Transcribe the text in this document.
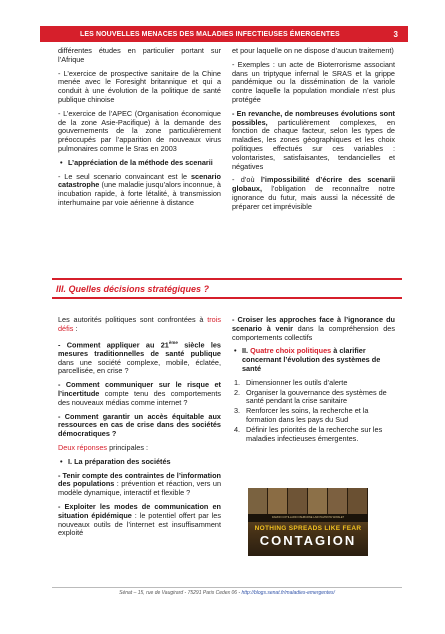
LES NOUVELLES MENACES DES MALADIES INFECTIEUSES ÉMERGENTES	3

différentes études en particulier portant sur l’Afrique

- L’exercice de prospective sanitaire de la Chine menée avec le Foresight britannique et qui a conduit à une évolution de la politique de santé publique chinoise

- L’exercice de l’APEC (Organisation économique de la zone Asie-Pacifique) à la demande des gouvernements de la zone particulièrement préoccupés par l’apparition de nouveaux virus pulmonaires comme le Sras en 2003

• L’appréciation de la méthode des scenarii

- Le seul scenario convaincant est le scenario catastrophe (une maladie jusqu’alors inconnue, à incubation rapide, à forte létalité, à transmission interhumaine par voie aérienne à distance

et pour laquelle on ne dispose d’aucun traitement)

- Exemples : un acte de Bioterrorisme associant dans un triptyque infernal le SRAS et la grippe pandémique ou la dissémination de la variole contre laquelle la population mondiale n’est plus protégée

- En revanche, de nombreuses évolutions sont possibles, particulièrement complexes, en fonction de chaque facteur, selon les types de maladies, les zones géographiques et les choix politiques effectués sur ces variables : volontaristes, satisfaisantes, tendancielles et négatives

- d’où l’impossibilité d’écrire des scenarii globaux, l’obligation de reconnaître notre ignorance du futur, mais aussi la nécessité de préparer cet imprévisible

III. Quelles décisions stratégiques ?

Les autorités politiques sont confrontées à trois défis :

- Comment appliquer au 21ème siècle les mesures traditionnelles de santé publique dans une société complexe, mobile, éclatée, parcellisée, en crise ?

- Comment communiquer sur le risque et l’incertitude compte tenu des comportements des nouveaux médias comme internet ?

- Comment garantir un accès équitable aux ressources en cas de crise dans des sociétés démocratiques ?

Deux réponses principales :

• I. La préparation des sociétés

- Tenir compte des contraintes de l’information des populations : prévention et réaction, vers un modèle dynamique, interactif et flexible ?

- Exploiter les modes de communication en situation épidémique : le potentiel offert par les nouveaux outils de l’internet est insuffisamment exploité

- Croiser les approches face à l’ignorance du scenario à venir dans la compréhension des comportements collectifs

• II. Quatre choix politiques à clarifier concernant l’évolution des systèmes de santé

1. Dimensionner les outils d’alerte
2. Organiser la gouvernance des systèmes de santé pendant la crise sanitaire
3. Renforcer les soins, la recherche et la formation dans les pays du Sud
4. Définir les priorités de la recherche sur les maladies infectieuses émergentes.
DAMON COTILLARD FISHBURNE LAW PALTROW WINSLET
NOTHING SPREADS LIKE FEAR
CONTAGION
Sénat – 15, rue de Vaugirard - 75291 Paris Cedex 06 - http://blogs.senat.fr/maladies-emergentes/
